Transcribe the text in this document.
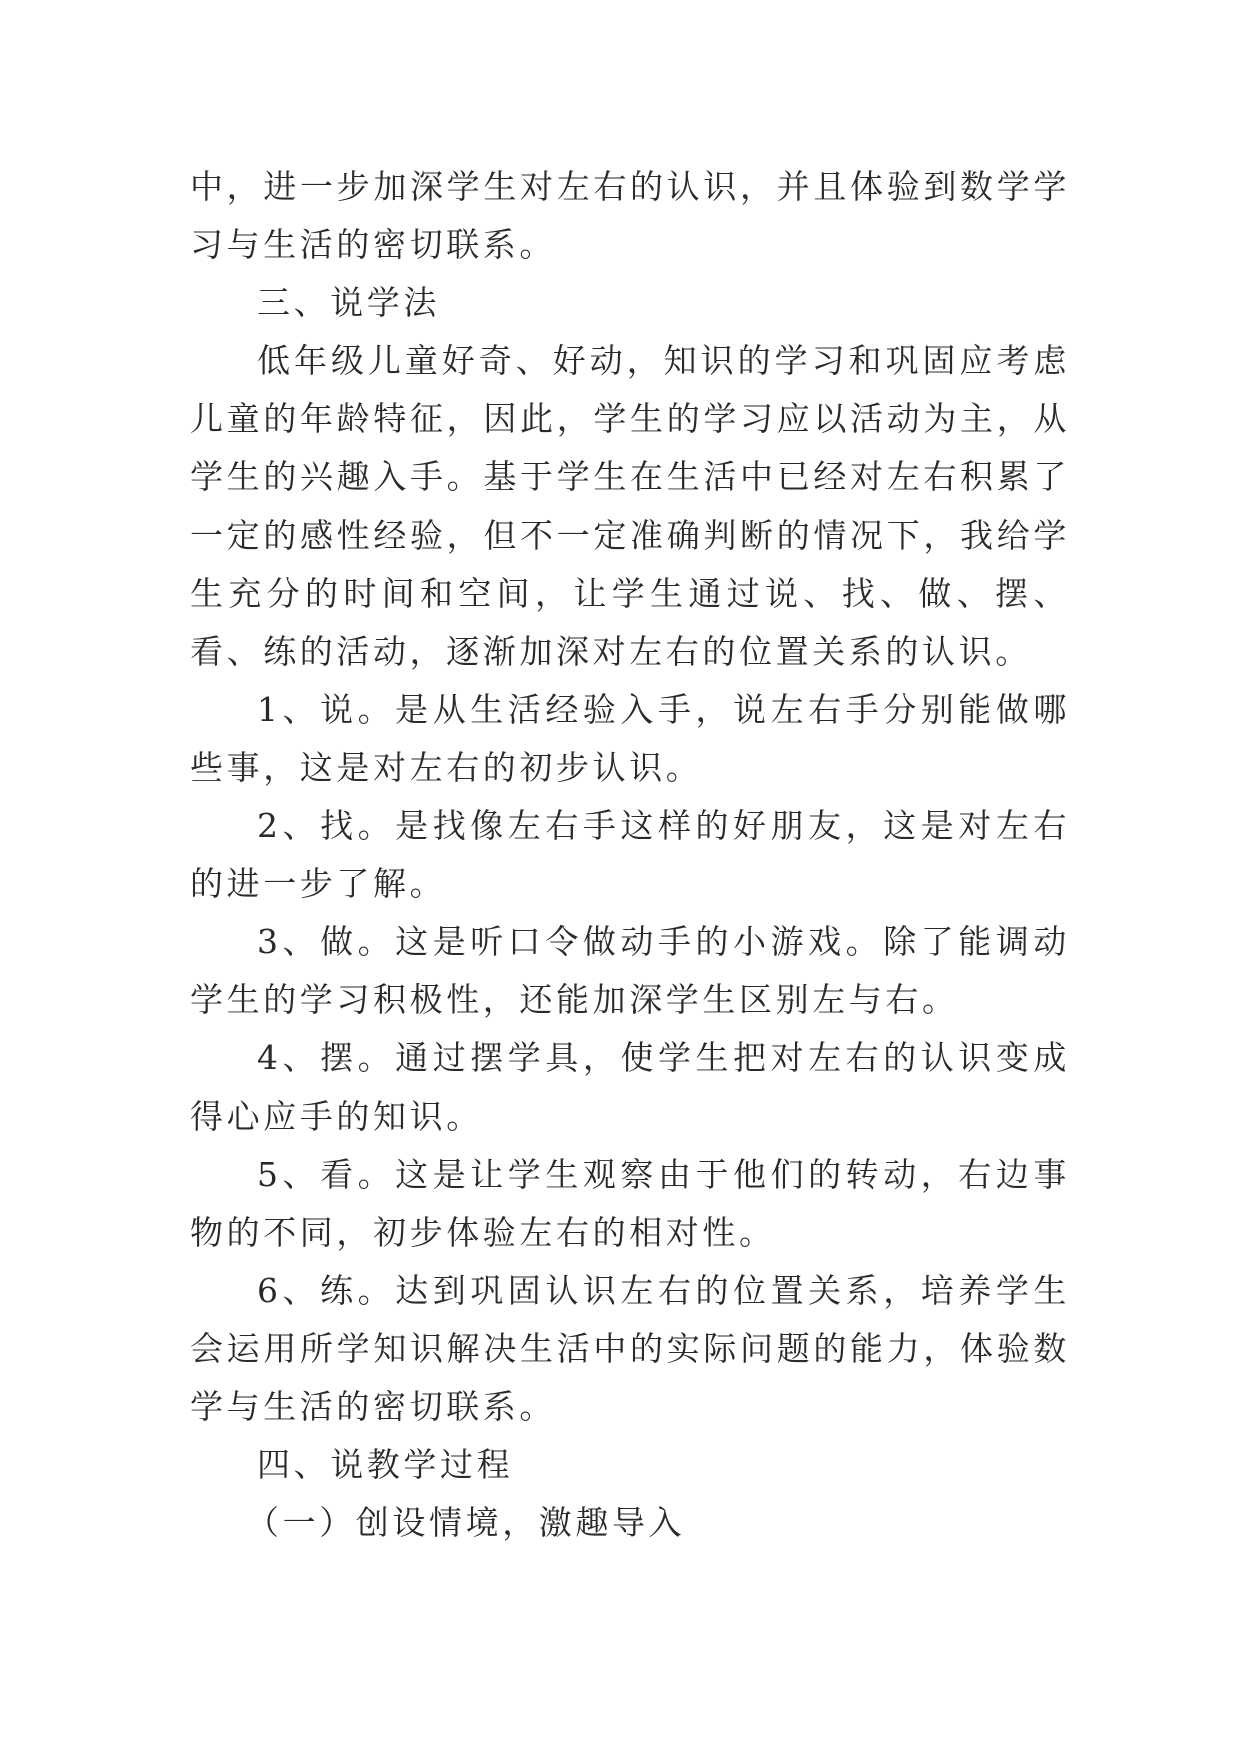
中，进一步加深学生对左右的认识，并且体验到数学学习与生活的密切联系。

三、说学法

低年级儿童好奇、好动，知识的学习和巩固应考虑儿童的年龄特征，因此，学生的学习应以活动为主，从学生的兴趣入手。基于学生在生活中已经对左右积累了一定的感性经验，但不一定准确判断的情况下，我给学生充分的时间和空间，让学生通过说、找、做、摆、看、练的活动，逐渐加深对左右的位置关系的认识。

1、说。是从生活经验入手，说左右手分别能做哪些事，这是对左右的初步认识。

2、找。是找像左右手这样的好朋友，这是对左右的进一步了解。

3、做。这是听口令做动手的小游戏。除了能调动学生的学习积极性，还能加深学生区别左与右。

4、摆。通过摆学具，使学生把对左右的认识变成得心应手的知识。

5、看。这是让学生观察由于他们的转动，右边事物的不同，初步体验左右的相对性。

6、练。达到巩固认识左右的位置关系，培养学生会运用所学知识解决生活中的实际问题的能力，体验数学与生活的密切联系。

四、说教学过程

（一）创设情境，激趣导入
